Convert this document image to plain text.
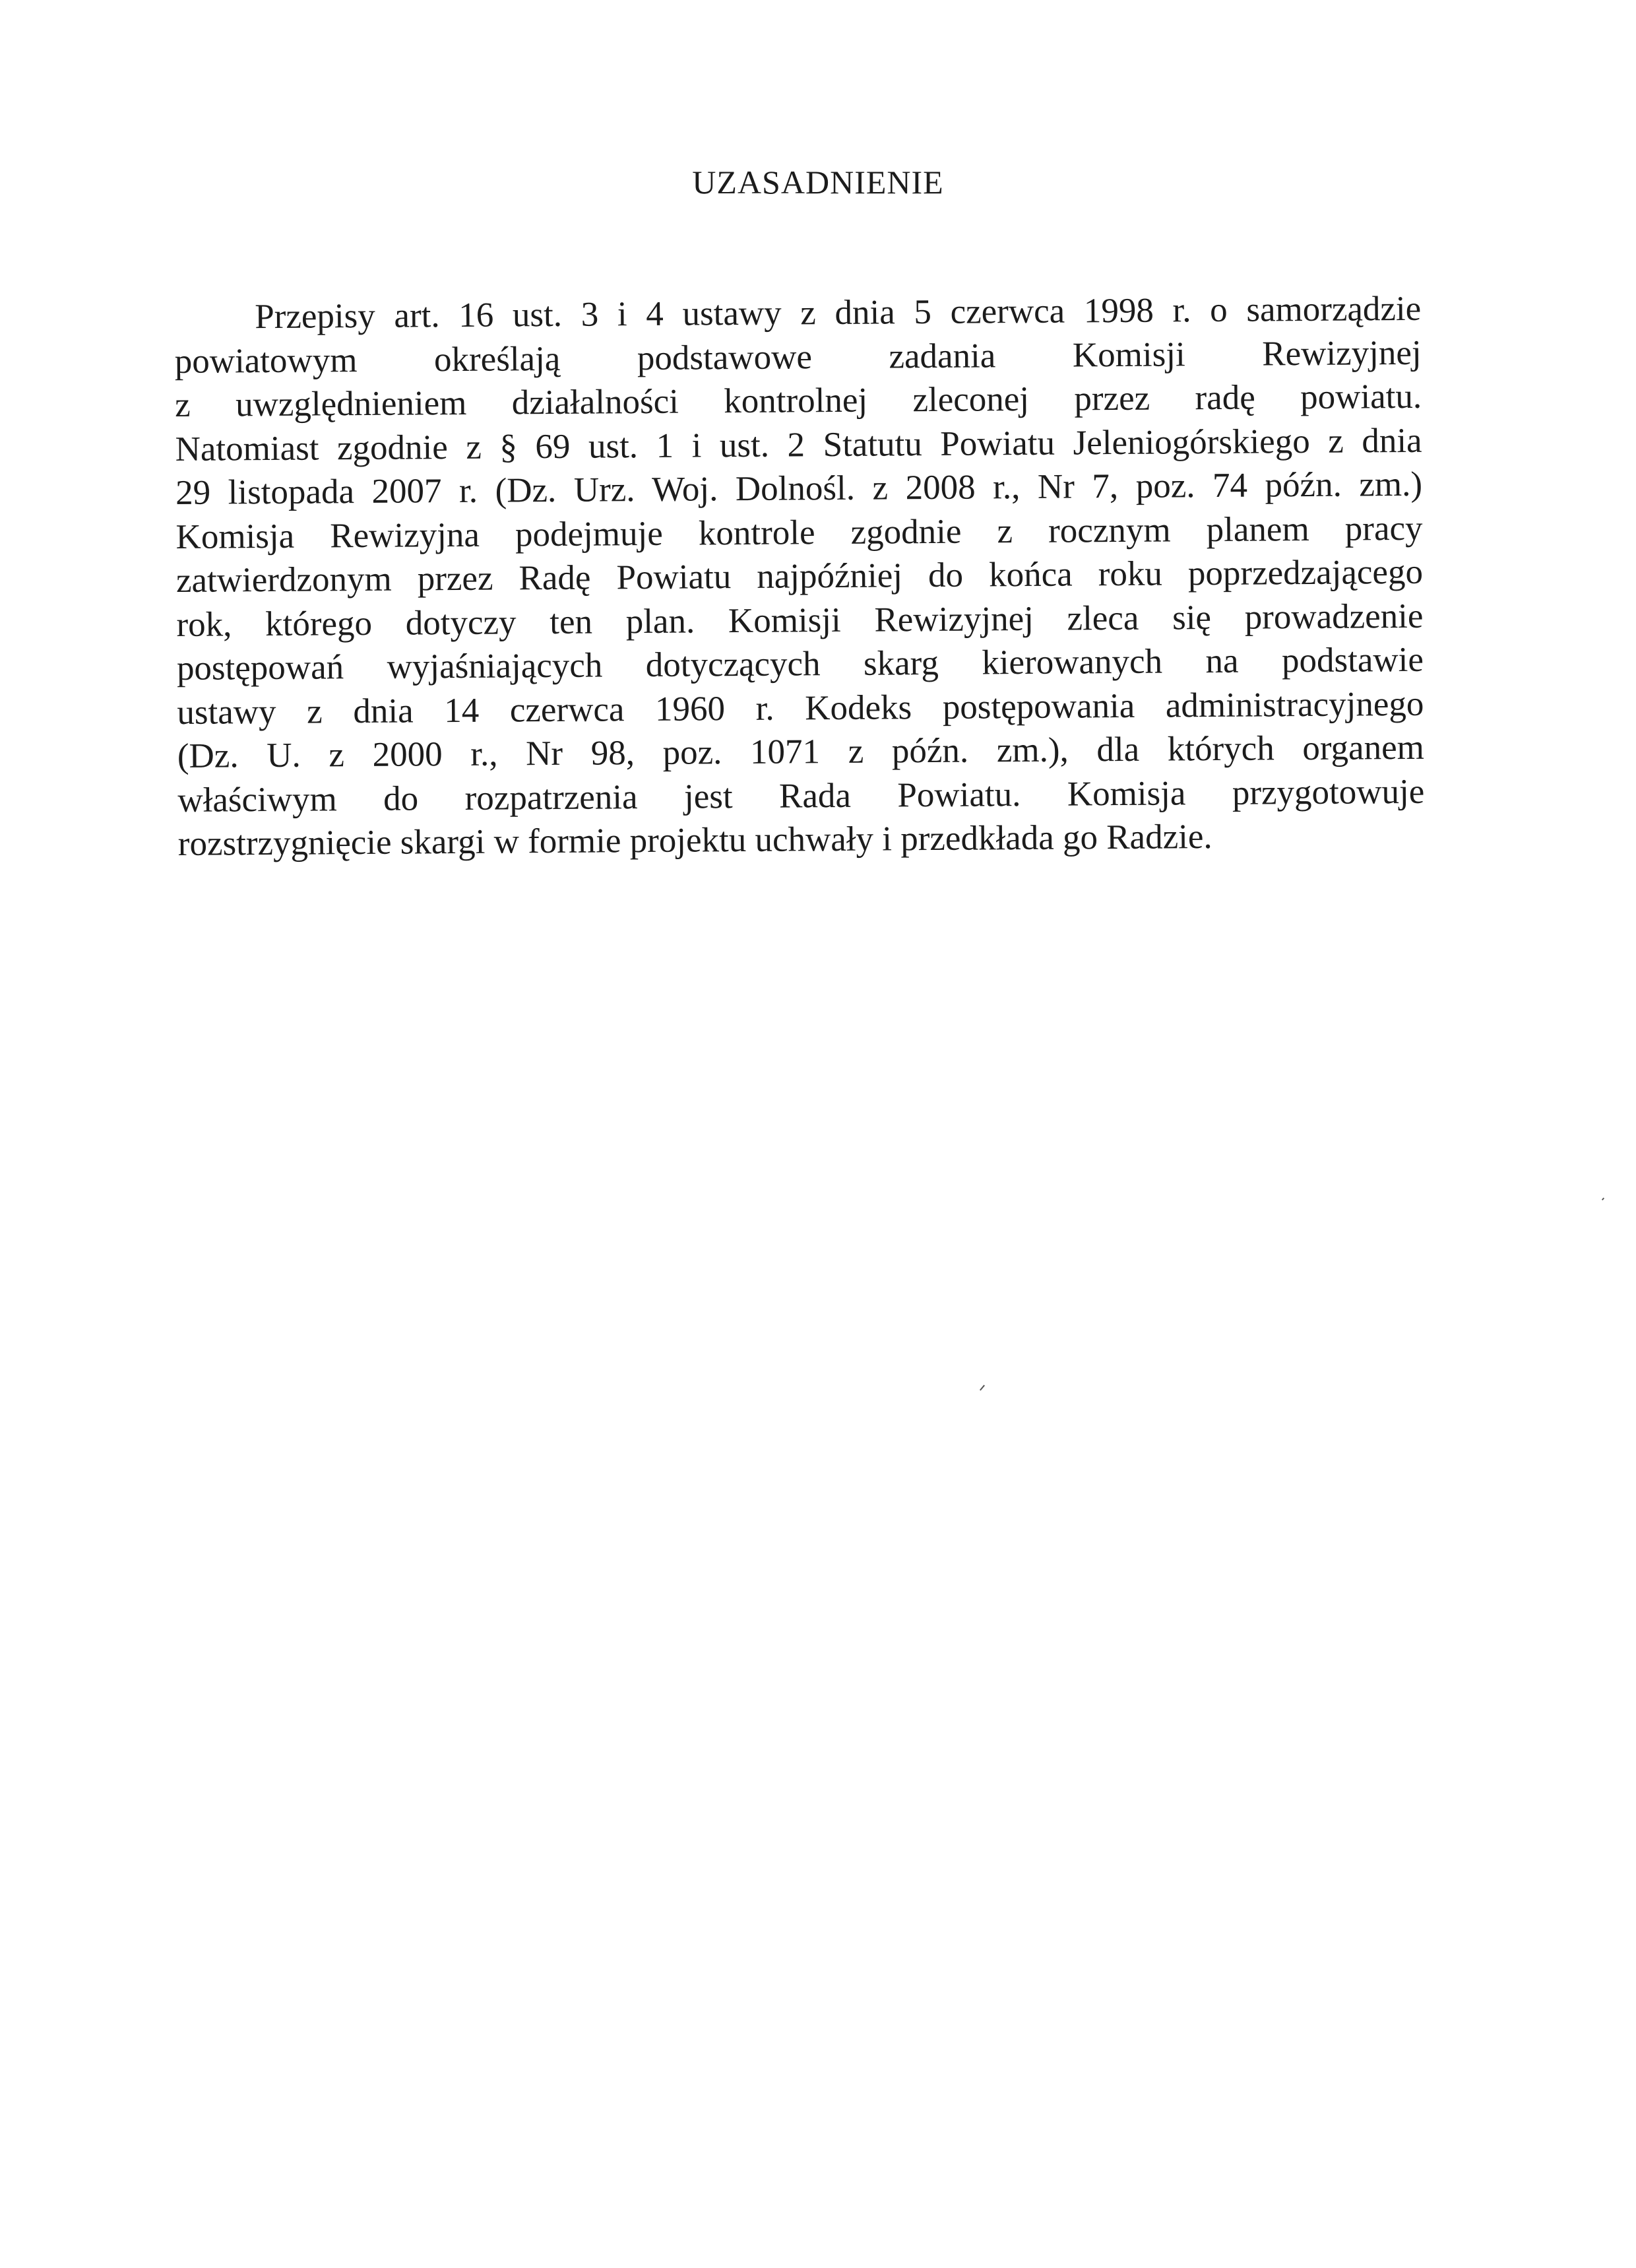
UZASADNIENIE
Przepisy art. 16 ust. 3 i 4 ustawy z dnia 5 czerwca 1998 r. o samorządzie
powiatowym określają podstawowe zadania Komisji Rewizyjnej
z uwzględnieniem działalności kontrolnej zleconej przez radę powiatu.
Natomiast zgodnie z § 69 ust. 1 i ust. 2 Statutu Powiatu Jeleniogórskiego z dnia
29 listopada 2007 r. (Dz. Urz. Woj. Dolnośl. z 2008 r., Nr 7, poz. 74 późn. zm.)
Komisja Rewizyjna podejmuje kontrole zgodnie z rocznym planem pracy
zatwierdzonym przez Radę Powiatu najpóźniej do końca roku poprzedzającego
rok, którego dotyczy ten plan. Komisji Rewizyjnej zleca się prowadzenie
postępowań wyjaśniających dotyczących skarg kierowanych na podstawie
ustawy z dnia 14 czerwca 1960 r. Kodeks postępowania administracyjnego
(Dz. U. z 2000 r., Nr 98, poz. 1071 z późn. zm.), dla których organem
właściwym do rozpatrzenia jest Rada Powiatu. Komisja przygotowuje
rozstrzygnięcie skargi w formie projektu uchwały i przedkłada go Radzie.
